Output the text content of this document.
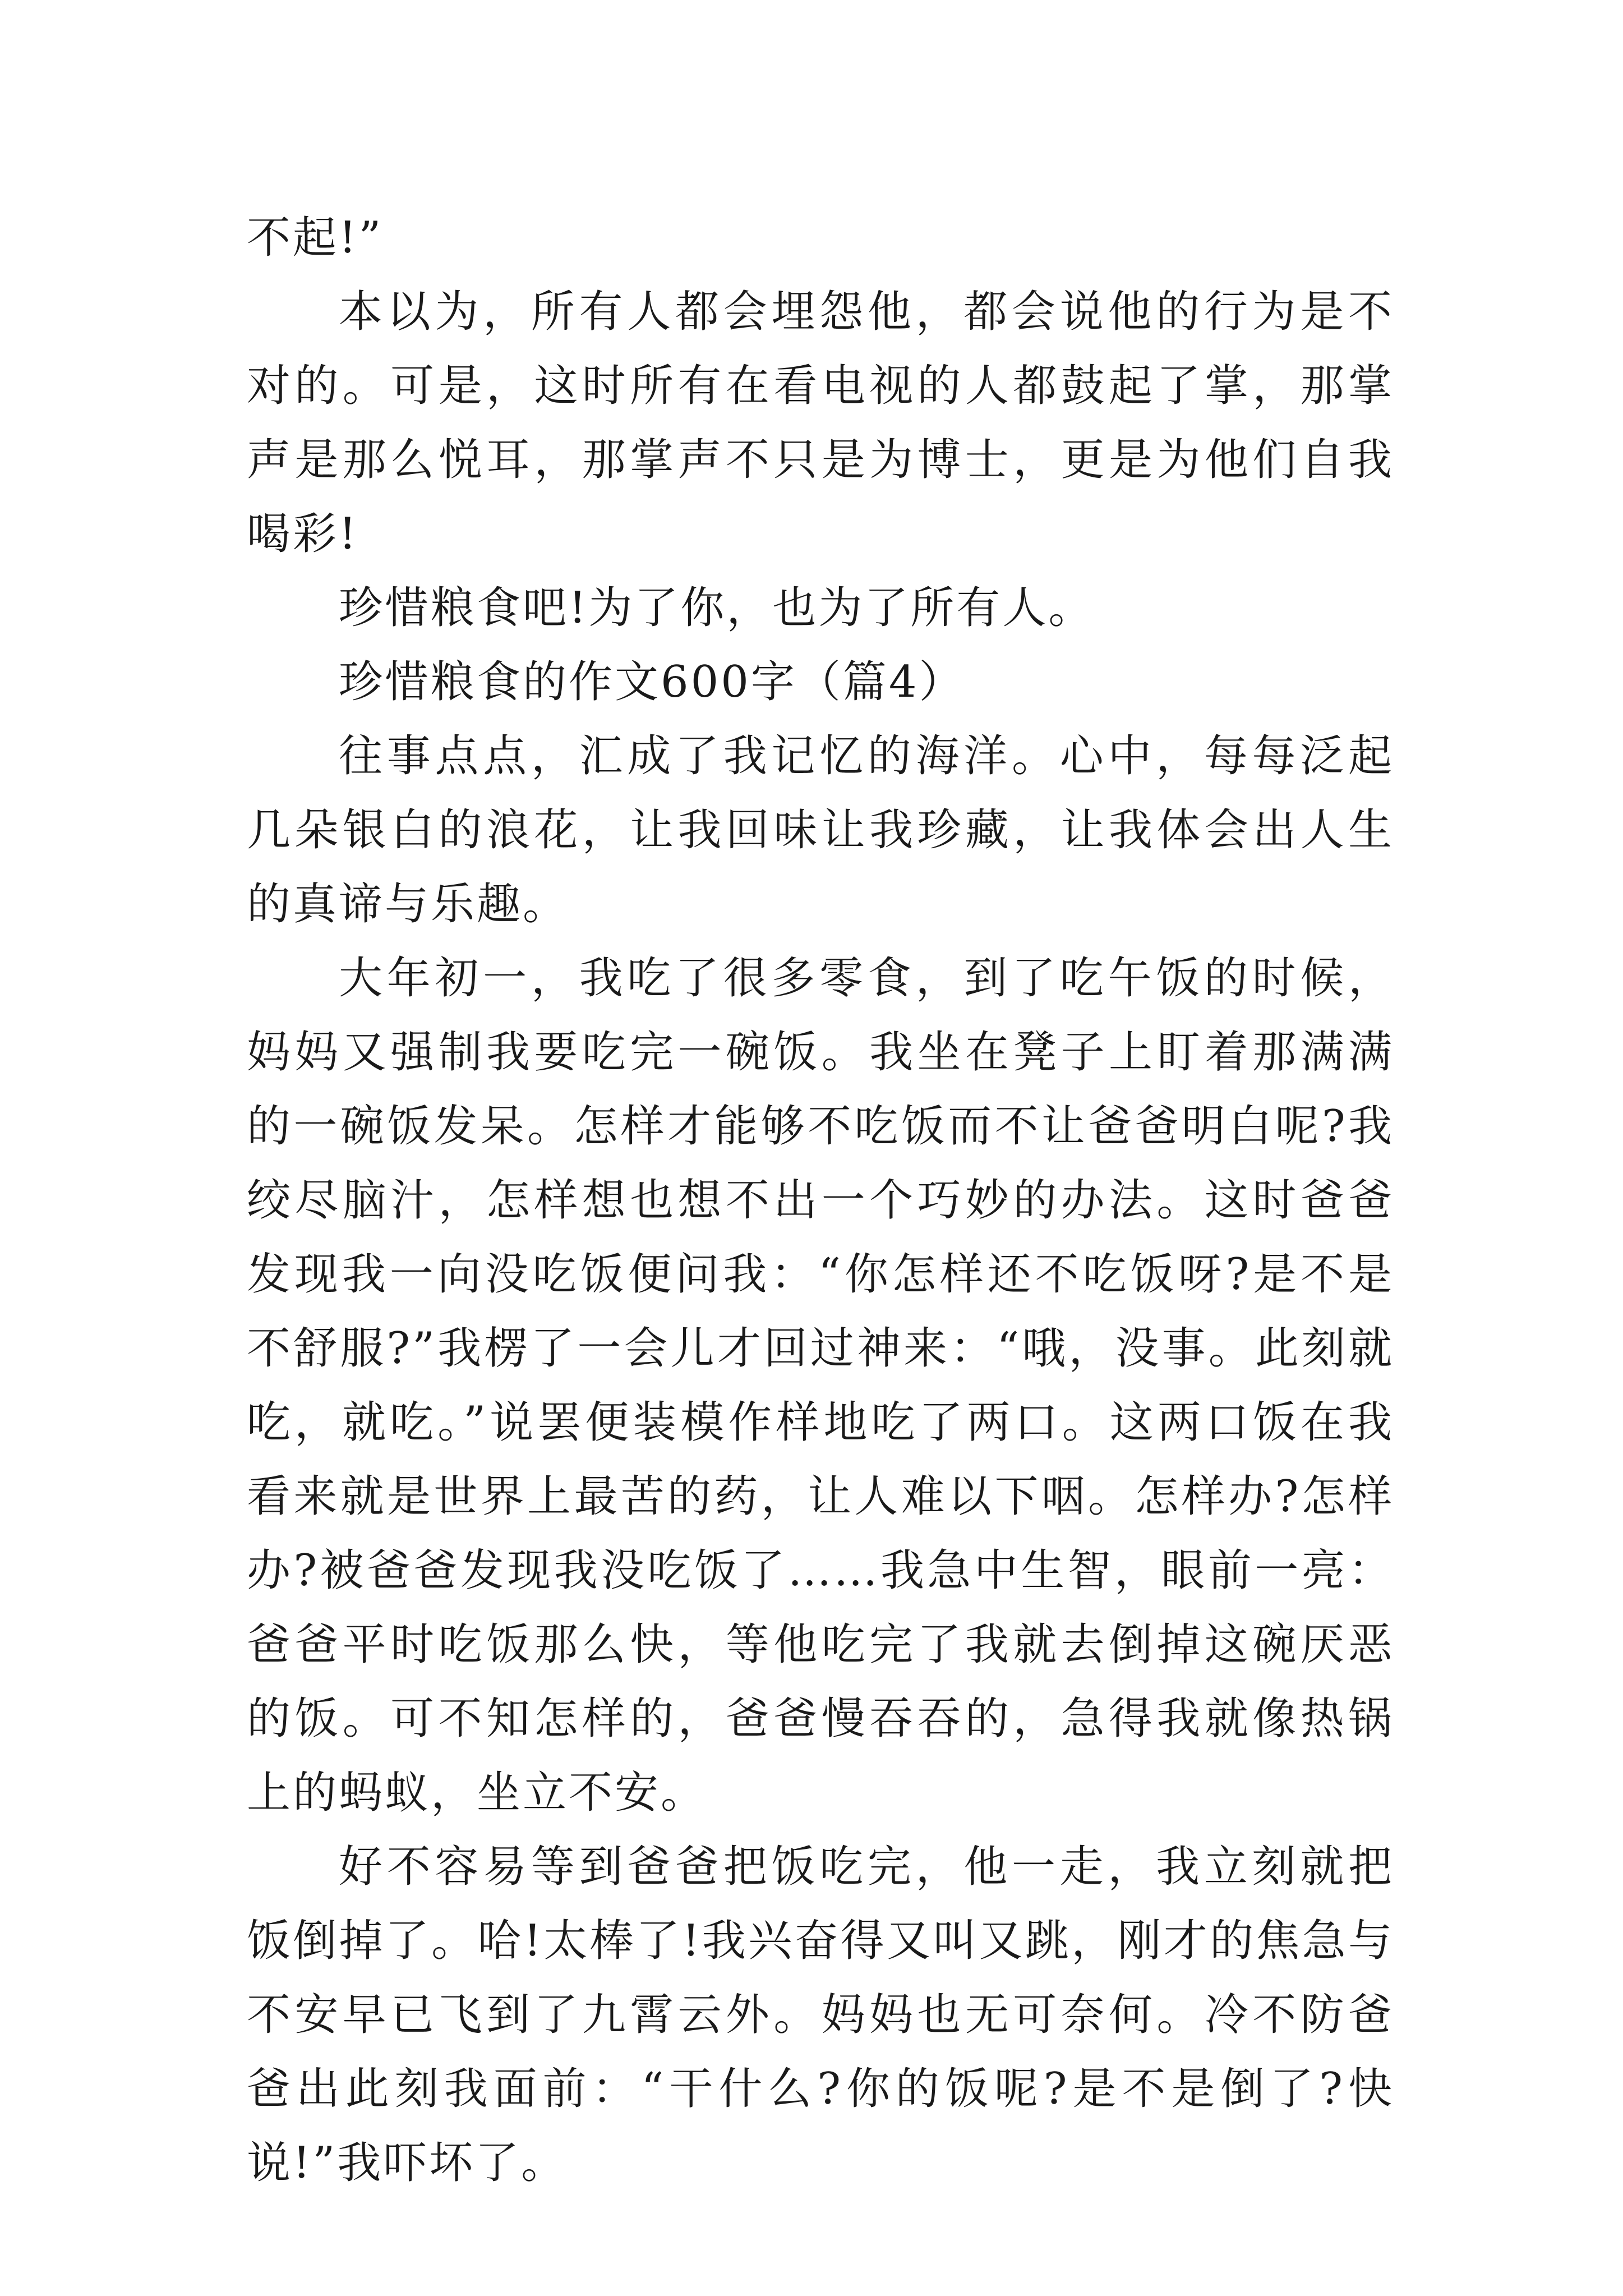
不起!”

本以为，所有人都会埋怨他，都会说他的行为是不对的。可是，这时所有在看电视的人都鼓起了掌，那掌声是那么悦耳，那掌声不只是为博士，更是为他们自我喝彩!

珍惜粮食吧!为了你，也为了所有人。

珍惜粮食的作文600字（篇4）

往事点点，汇成了我记忆的海洋。心中，每每泛起几朵银白的浪花，让我回味让我珍藏，让我体会出人生的真谛与乐趣。

大年初一，我吃了很多零食，到了吃午饭的时候，妈妈又强制我要吃完一碗饭。我坐在凳子上盯着那满满的一碗饭发呆。怎样才能够不吃饭而不让爸爸明白呢?我绞尽脑汁，怎样想也想不出一个巧妙的办法。这时爸爸发现我一向没吃饭便问我：“你怎样还不吃饭呀?是不是不舒服?”我楞了一会儿才回过神来：“哦，没事。此刻就吃，就吃。”说罢便装模作样地吃了两口。这两口饭在我看来就是世界上最苦的药，让人难以下咽。怎样办?怎样办?被爸爸发现我没吃饭了……我急中生智，眼前一亮：爸爸平时吃饭那么快，等他吃完了我就去倒掉这碗厌恶的饭。可不知怎样的，爸爸慢吞吞的，急得我就像热锅上的蚂蚁，坐立不安。

好不容易等到爸爸把饭吃完，他一走，我立刻就把饭倒掉了。哈!太棒了!我兴奋得又叫又跳，刚才的焦急与不安早已飞到了九霄云外。妈妈也无可奈何。冷不防爸爸出此刻我面前：“干什么?你的饭呢?是不是倒了?快说!”我吓坏了。
